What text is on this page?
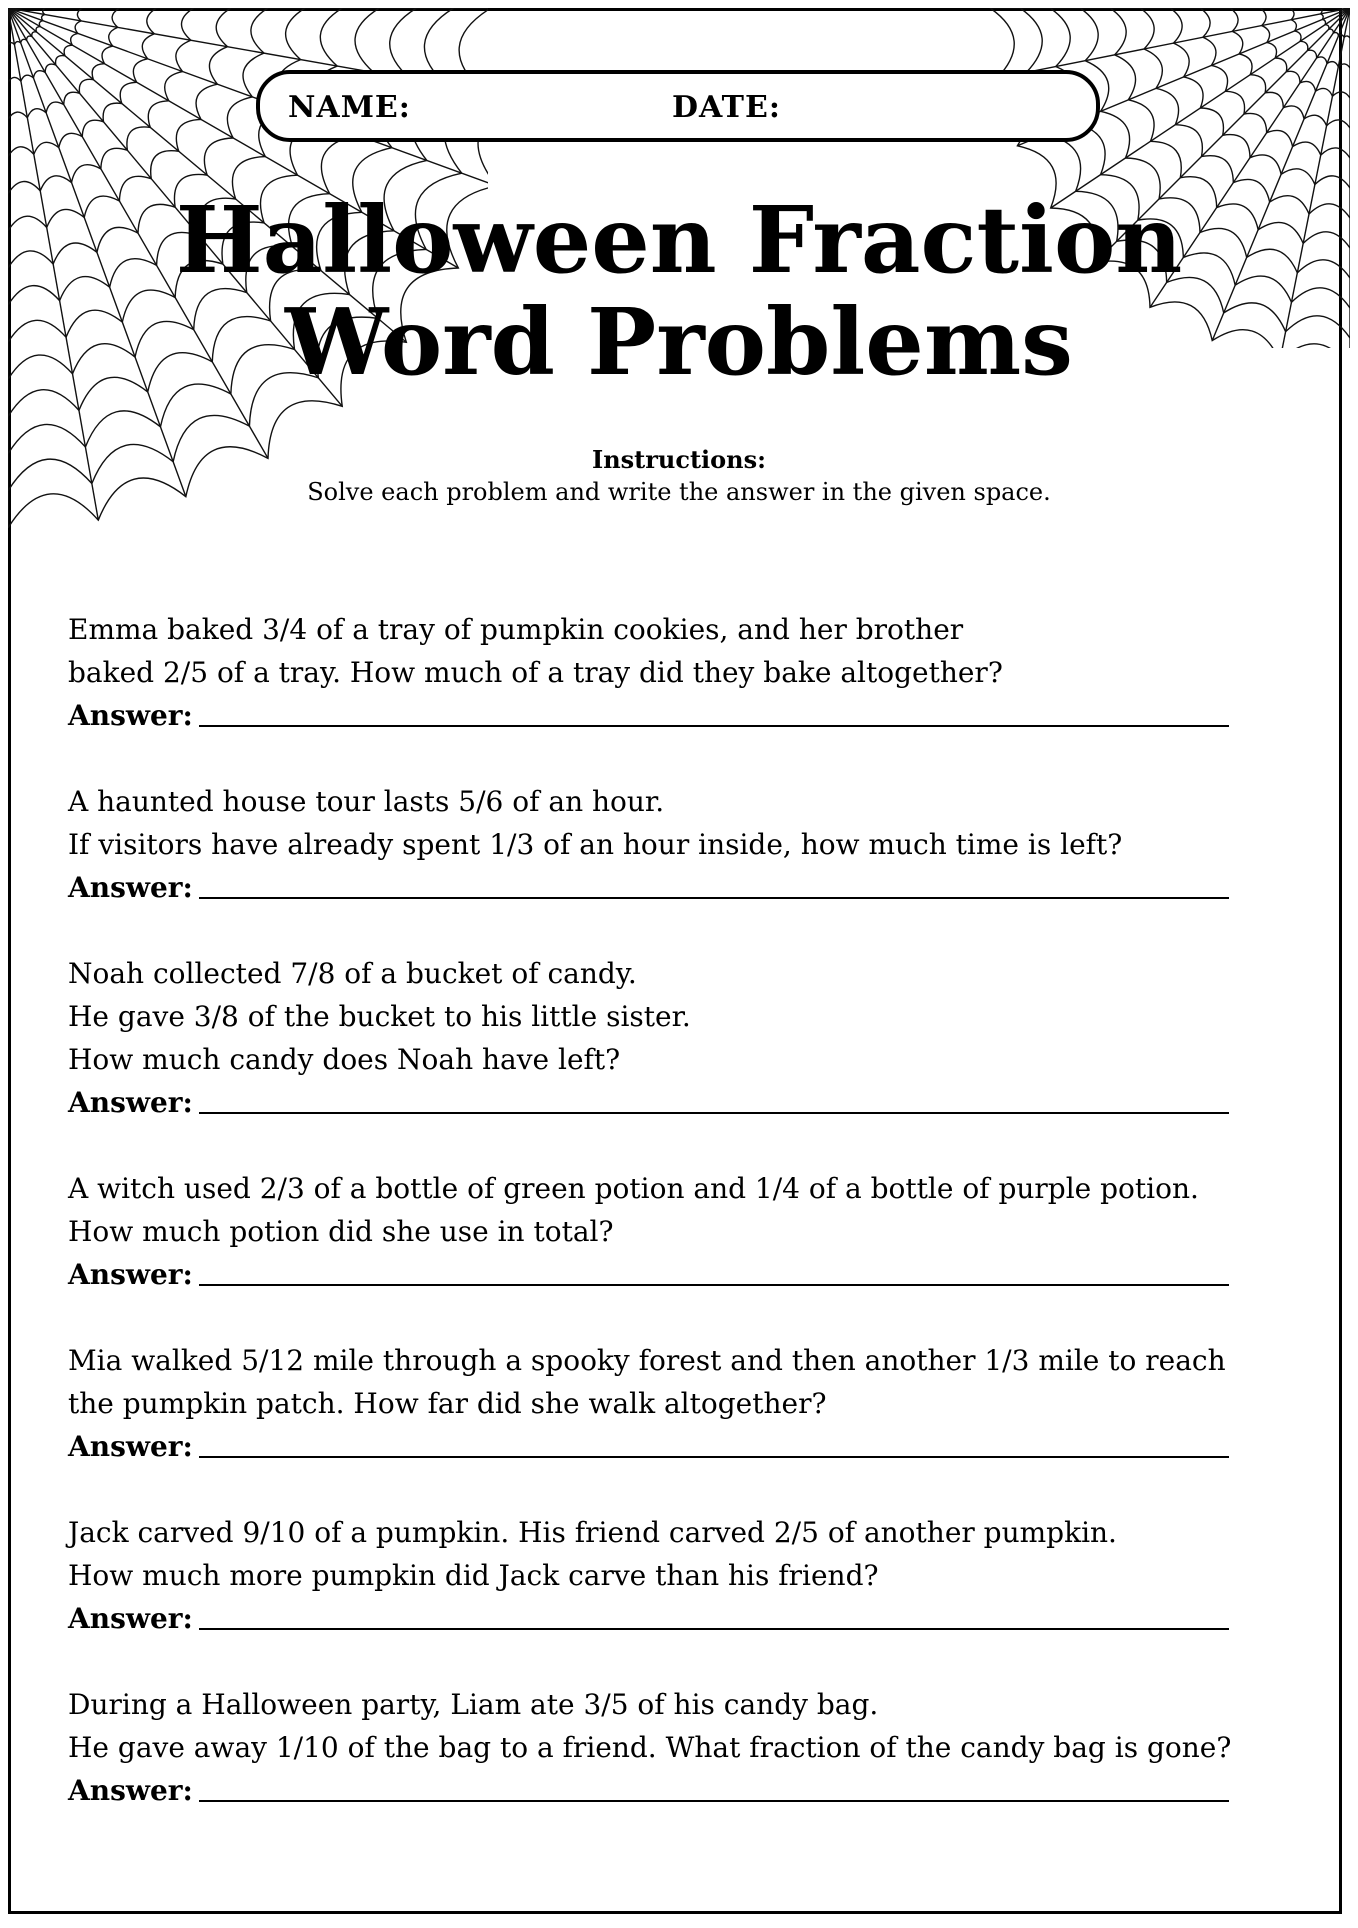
NAME:	DATE:
Halloween Fraction
Word Problems
Instructions:
Solve each problem and write the answer in the given space.
Emma baked 3/4 of a tray of pumpkin cookies, and her brother
baked 2/5 of a tray. How much of a tray did they bake altogether?
Answer:
A haunted house tour lasts 5/6 of an hour.
If visitors have already spent 1/3 of an hour inside, how much time is left?
Answer:
Noah collected 7/8 of a bucket of candy.
He gave 3/8 of the bucket to his little sister.
How much candy does Noah have left?
Answer:
A witch used 2/3 of a bottle of green potion and 1/4 of a bottle of purple potion.
How much potion did she use in total?
Answer:
Mia walked 5/12 mile through a spooky forest and then another 1/3 mile to reach
the pumpkin patch. How far did she walk altogether?
Answer:
Jack carved 9/10 of a pumpkin. His friend carved 2/5 of another pumpkin.
How much more pumpkin did Jack carve than his friend?
Answer:
During a Halloween party, Liam ate 3/5 of his candy bag.
He gave away 1/10 of the bag to a friend. What fraction of the candy bag is gone?
Answer:
